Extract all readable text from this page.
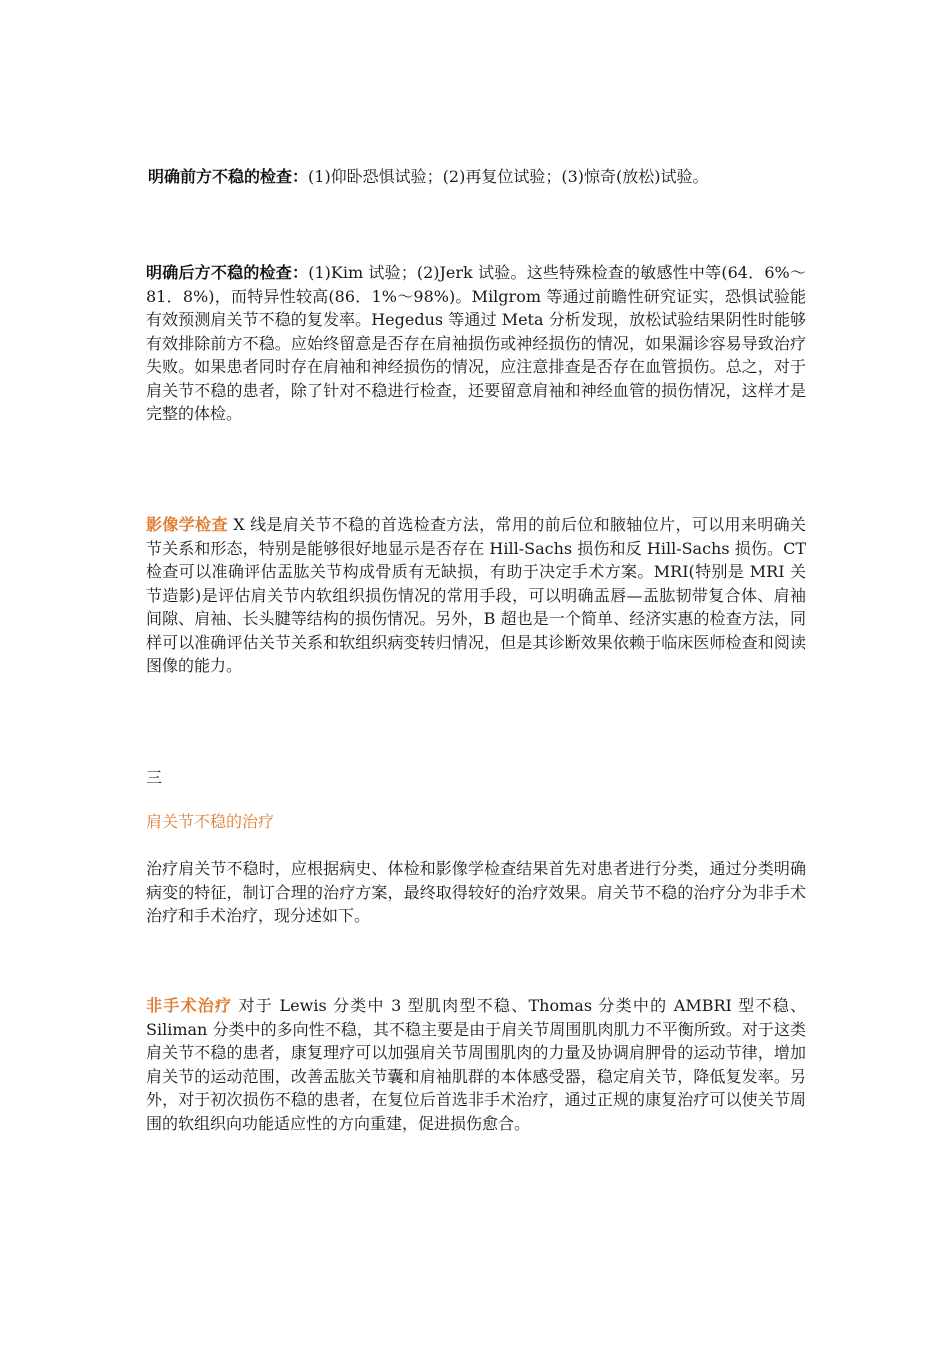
明确前方不稳的检查：(1)仰卧恐惧试验；(2)再复位试验；(3)惊奇(放松)试验。
明确后方不稳的检查：(1)Kim 试验；(2)Jerk 试验。这些特殊检查的敏感性中等(64．6%～81．8%)，而特异性较高(86．1%～98%)。Milgrom 等通过前瞻性研究证实，恐惧试验能有效预测肩关节不稳的复发率。Hegedus 等通过 Meta 分析发现，放松试验结果阴性时能够有效排除前方不稳。应始终留意是否存在肩袖损伤或神经损伤的情况，如果漏诊容易导致治疗失败。如果患者同时存在肩袖和神经损伤的情况，应注意排查是否存在血管损伤。总之，对于肩关节不稳的患者，除了针对不稳进行检查，还要留意肩袖和神经血管的损伤情况，这样才是完整的体检。
影像学检查 X 线是肩关节不稳的首选检查方法，常用的前后位和腋轴位片，可以用来明确关节关系和形态，特别是能够很好地显示是否存在 Hill-Sachs 损伤和反 Hill-Sachs 损伤。CT 检查可以准确评估盂肱关节构成骨质有无缺损，有助于决定手术方案。MRI(特别是 MRI 关节造影)是评估肩关节内软组织损伤情况的常用手段，可以明确盂唇—盂肱韧带复合体、肩袖间隙、肩袖、长头腱等结构的损伤情况。另外，B 超也是一个简单、经济实惠的检查方法，同样可以准确评估关节关系和软组织病变转归情况，但是其诊断效果依赖于临床医师检查和阅读图像的能力。
三
肩关节不稳的治疗
治疗肩关节不稳时，应根据病史、体检和影像学检查结果首先对患者进行分类，通过分类明确病变的特征，制订合理的治疗方案，最终取得较好的治疗效果。肩关节不稳的治疗分为非手术治疗和手术治疗，现分述如下。
非手术治疗 对于 Lewis 分类中 3 型肌肉型不稳、Thomas 分类中的 AMBRI 型不稳、Siliman 分类中的多向性不稳，其不稳主要是由于肩关节周围肌肉肌力不平衡所致。对于这类肩关节不稳的患者，康复理疗可以加强肩关节周围肌肉的力量及协调肩胛骨的运动节律，增加肩关节的运动范围，改善盂肱关节囊和肩袖肌群的本体感受器，稳定肩关节，降低复发率。另外，对于初次损伤不稳的患者，在复位后首选非手术治疗，通过正规的康复治疗可以使关节周围的软组织向功能适应性的方向重建，促进损伤愈合。
